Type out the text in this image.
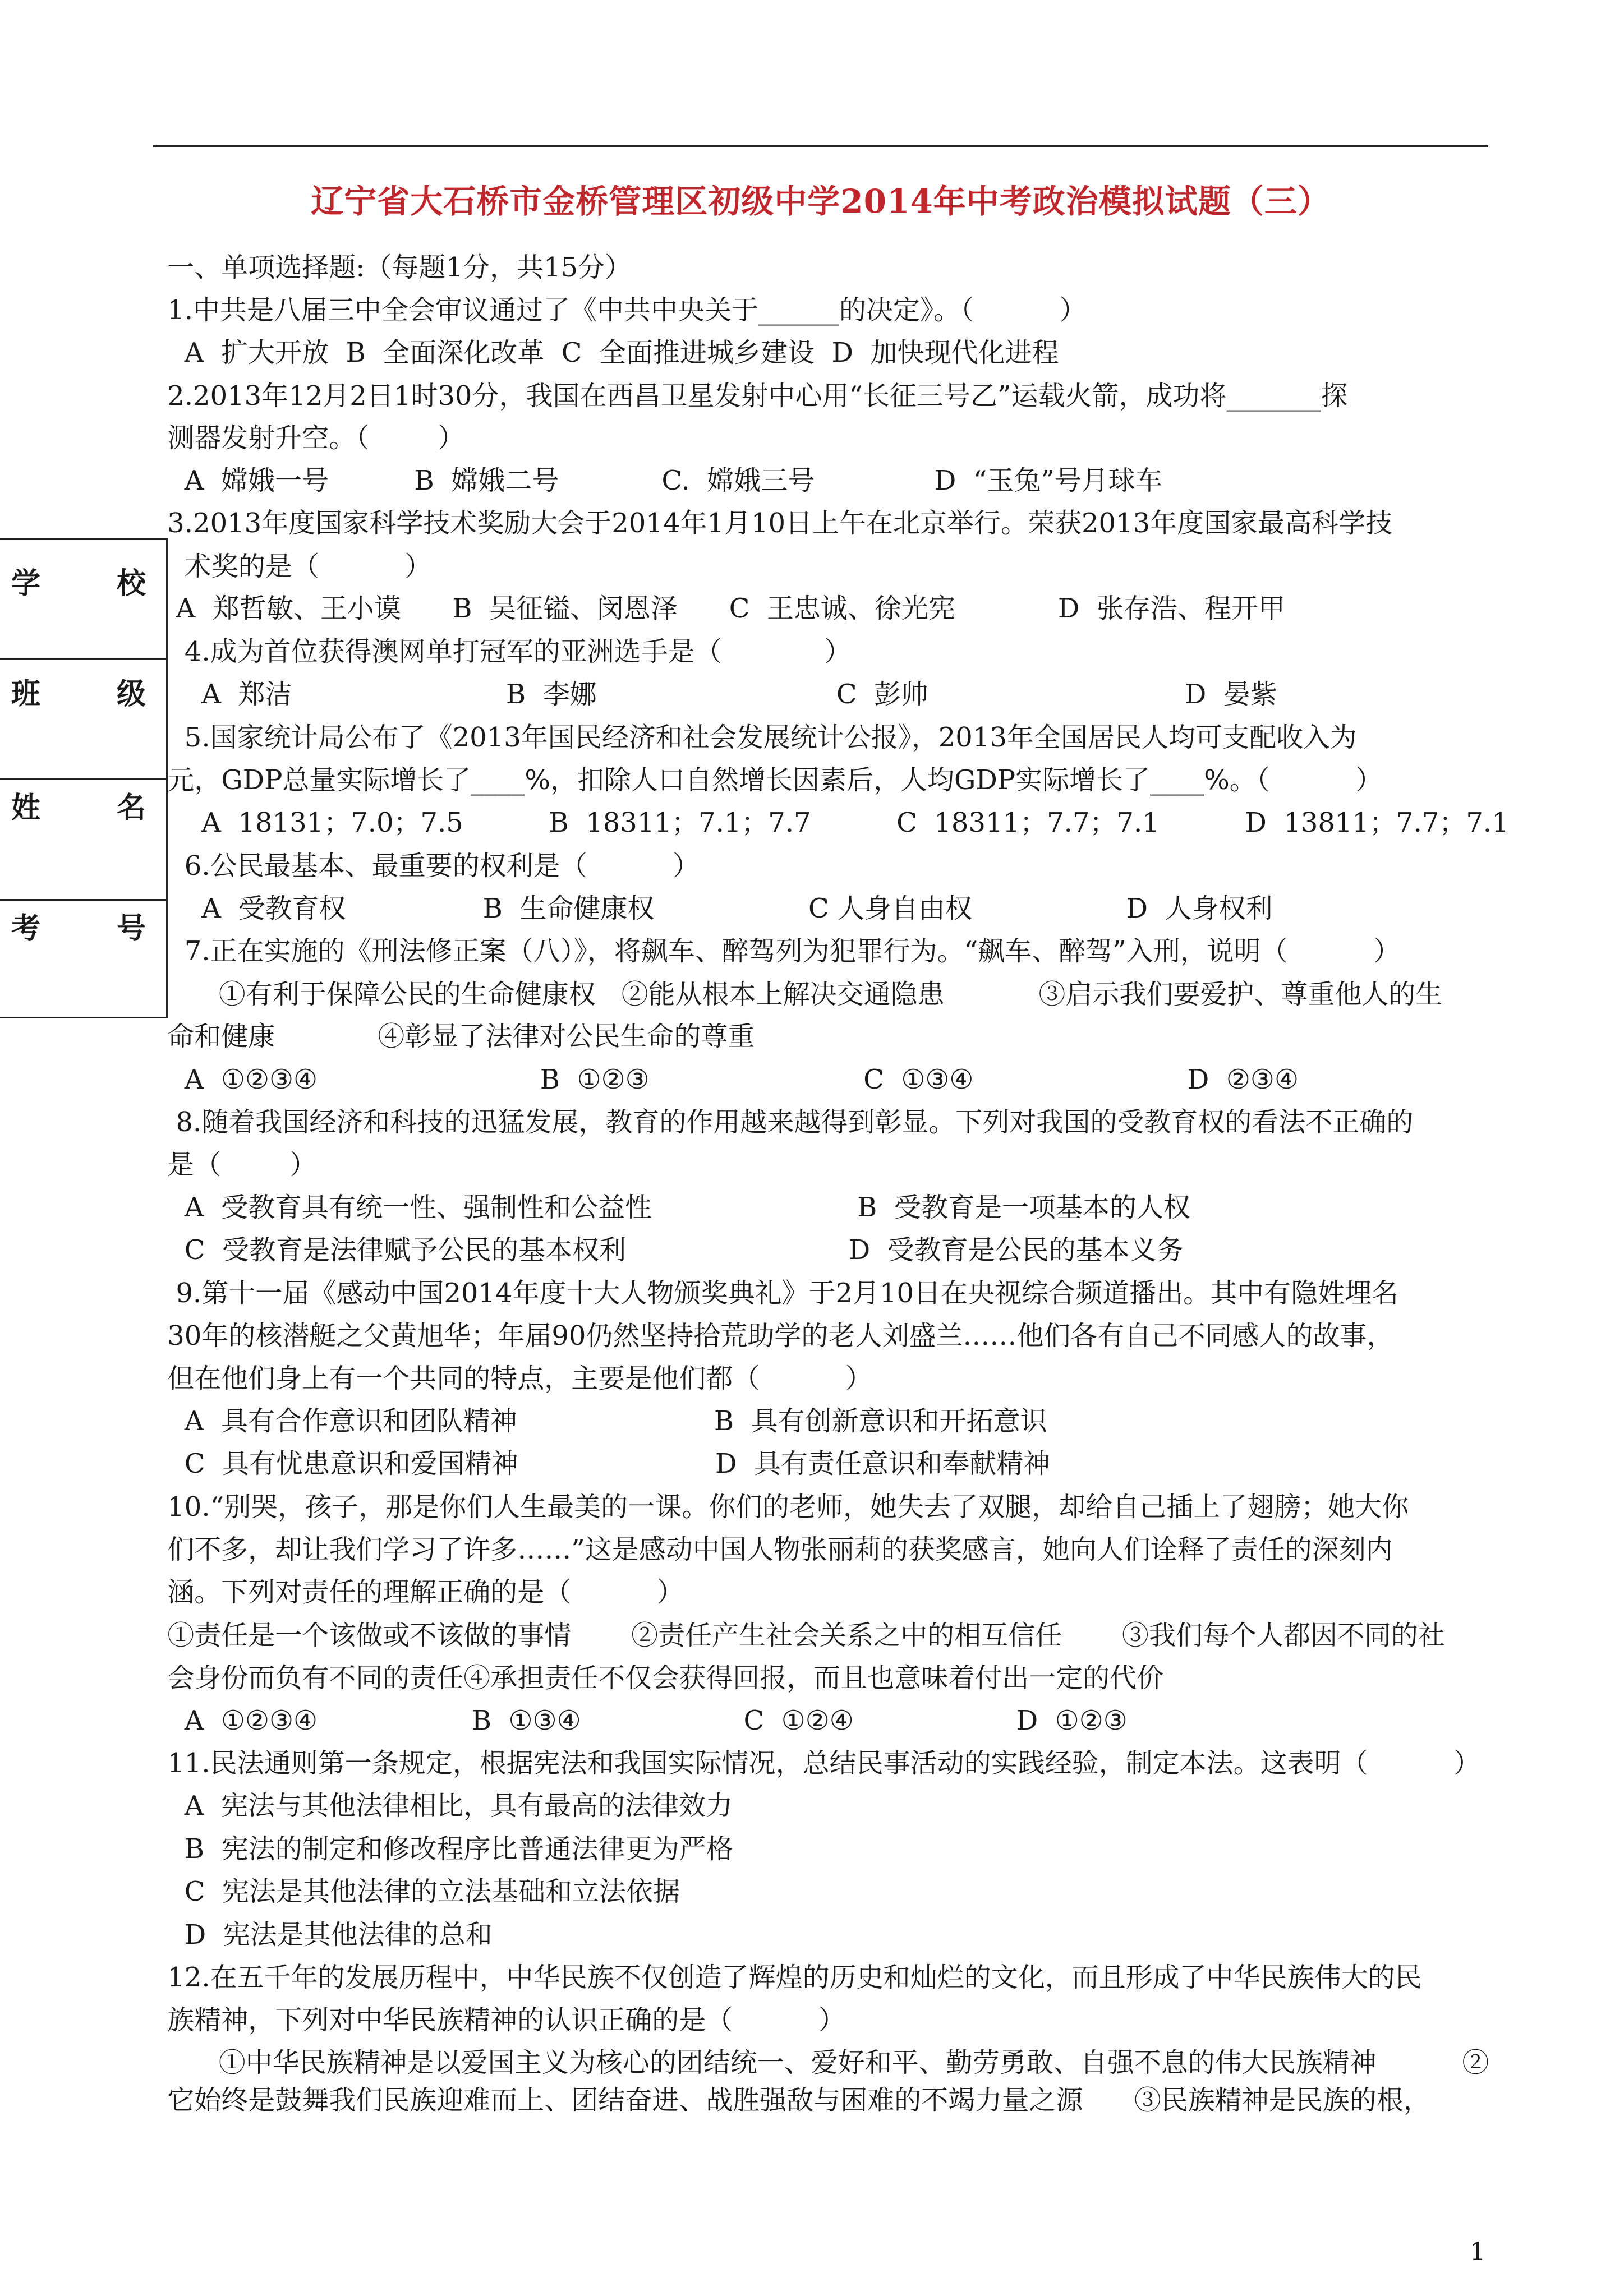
辽宁省大石桥市金桥管理区初级中学2014年中考政治模拟试题（三）
学	校
班	级
姓	名
考	号
一、单项选择题:（每题1分，共15分）
1.中共是八届三中全会审议通过了《中共中央关于______的决定》。（          ）
A  扩大开放  B  全面深化改革  C  全面推进城乡建设  D  加快现代化进程
2.2013年12月2日1时30分，我国在西昌卫星发射中心用“长征三号乙”运载火箭，成功将_______探
测器发射升空。（        ）
A  嫦娥一号          B  嫦娥二号            C.  嫦娥三号              D  “玉兔”号月球车
3.2013年度国家科学技术奖励大会于2014年1月10日上午在北京举行。荣获2013年度国家最高科学技
术奖的是（          ）
A  郑哲敏、王小谟      B  吴征镒、闵恩泽      C  王忠诚、徐光宪            D  张存浩、程开甲
4.成为首位获得澳网单打冠军的亚洲选手是（            ）
A  郑洁                         B  李娜                            C  彭帅                              D  晏紫
5.国家统计局公布了《2013年国民经济和社会发展统计公报》，2013年全国居民人均可支配收入为
元，GDP总量实际增长了____%，扣除人口自然增长因素后，人均GDP实际增长了____%。（          ）
A  18131；7.0；7.5          B  18311；7.1；7.7          C  18311；7.7；7.1          D  13811；7.7；7.1
6.公民最基本、最重要的权利是（          ）
A  受教育权                B  生命健康权                  C 人身自由权                  D  人身权利
7.正在实施的《刑法修正案（八）》，将飙车、醉驾列为犯罪行为。“飙车、醉驾”入刑，说明（          ）
①有利于保障公民的生命健康权   ②能从根本上解决交通隐患           ③启示我们要爱护、尊重他人的生
命和健康            ④彰显了法律对公民生命的尊重
A  ①②③④                          B  ①②③                         C  ①③④                         D  ②③④
8.随着我国经济和科技的迅猛发展，教育的作用越来越得到彰显。下列对我国的受教育权的看法不正确的
是（        ）
A  受教育具有统一性、强制性和公益性                        B  受教育是一项基本的人权
C  受教育是法律赋予公民的基本权利                          D  受教育是公民的基本义务
9.第十一届《感动中国2014年度十大人物颁奖典礼》于2月10日在央视综合频道播出。其中有隐姓埋名
30年的核潜艇之父黄旭华；年届90仍然坚持拾荒助学的老人刘盛兰……他们各有自己不同感人的故事，
但在他们身上有一个共同的特点，主要是他们都（          ）
A  具有合作意识和团队精神                       B  具有创新意识和开拓意识
C  具有忧患意识和爱国精神                       D  具有责任意识和奉献精神
10.“别哭，孩子，那是你们人生最美的一课。你们的老师，她失去了双腿，却给自己插上了翅膀；她大你
们不多，却让我们学习了许多……”这是感动中国人物张丽莉的获奖感言，她向人们诠释了责任的深刻内
涵。下列对责任的理解正确的是（          ）
①责任是一个该做或不该做的事情       ②责任产生社会关系之中的相互信任       ③我们每个人都因不同的社
会身份而负有不同的责任④承担责任不仅会获得回报，而且也意味着付出一定的代价
A  ①②③④                  B  ①③④                   C  ①②④                   D  ①②③
11.民法通则第一条规定，根据宪法和我国实际情况，总结民事活动的实践经验，制定本法。这表明（          ）
A  宪法与其他法律相比，具有最高的法律效力
B  宪法的制定和修改程序比普通法律更为严格
C  宪法是其他法律的立法基础和立法依据
D  宪法是其他法律的总和
12.在五千年的发展历程中，中华民族不仅创造了辉煌的历史和灿烂的文化，而且形成了中华民族伟大的民
族精神，下列对中华民族精神的认识正确的是（          ）
①中华民族精神是以爱国主义为核心的团结统一、爱好和平、勤劳勇敢、自强不息的伟大民族精神          ②
它始终是鼓舞我们民族迎难而上、团结奋进、战胜强敌与困难的不竭力量之源      ③民族精神是民族的根，
1
